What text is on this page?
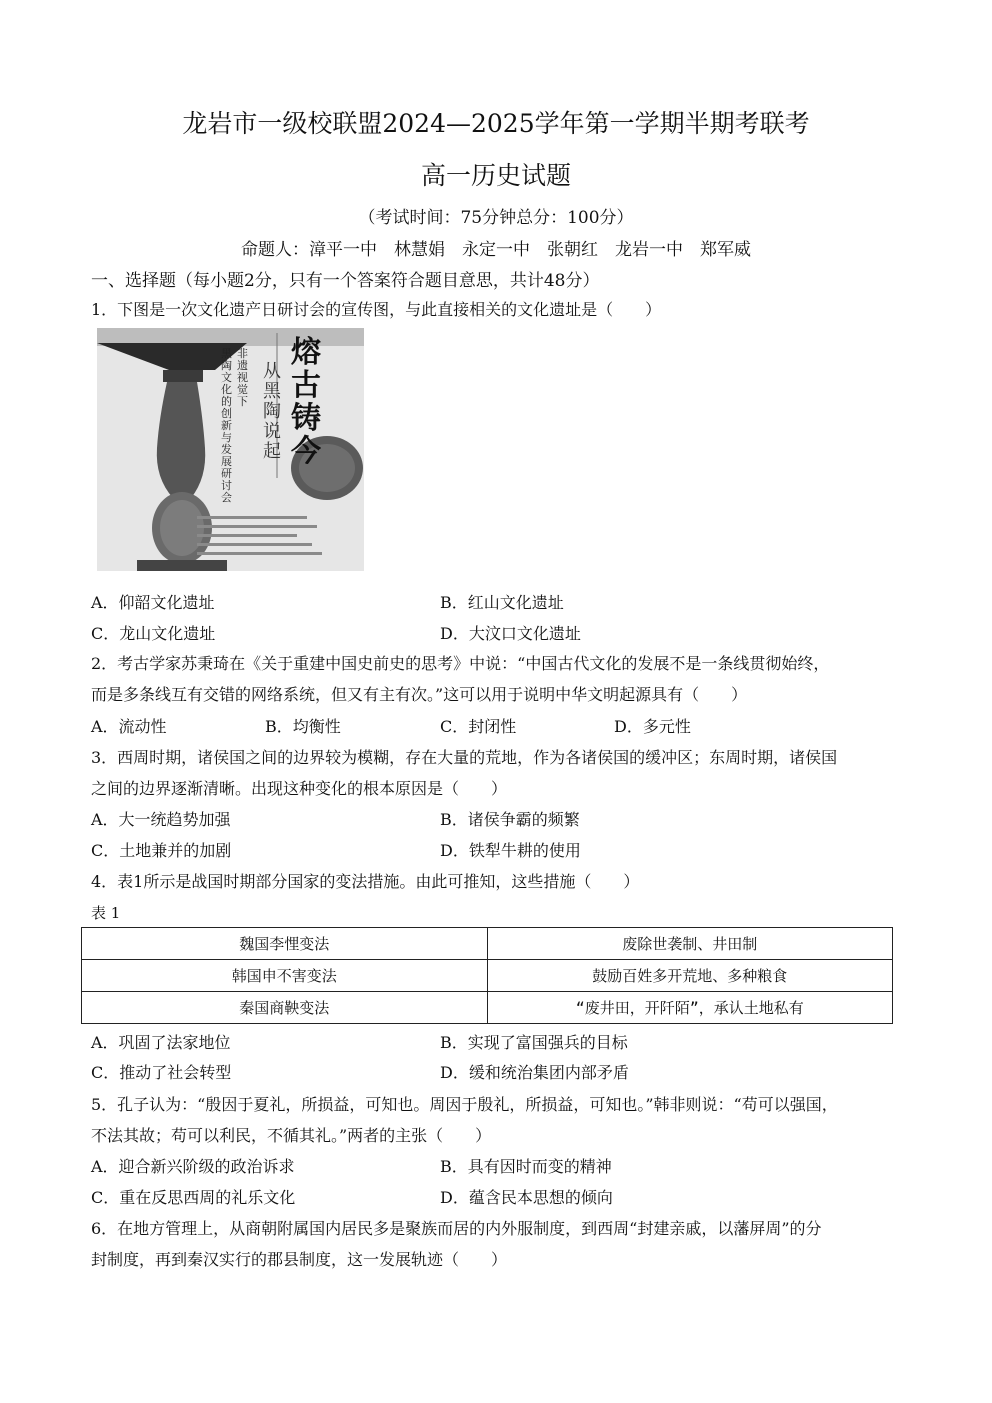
龙岩市一级校联盟2024—2025学年第一学期半期考联考
高一历史试题
（考试时间：75分钟总分：100分）
命题人：漳平一中　林慧娟　永定一中　张朝红　龙岩一中　郑军威
一、选择题（每小题2分，只有一个答案符合题目意思，共计48分）
1．下图是一次文化遗产日研讨会的宣传图，与此直接相关的文化遗址是（　　）
熔古铸今
从黑陶说起
非遗视觉下
黑陶文化的创新与发展研讨会
A．仰韶文化遗址	B．红山文化遗址
C．龙山文化遗址	D．大汶口文化遗址
2．考古学家苏秉琦在《关于重建中国史前史的思考》中说：“中国古代文化的发展不是一条线贯彻始终，
而是多条线互有交错的网络系统，但又有主有次。”这可以用于说明中华文明起源具有（　　）
A．流动性	B．均衡性	C．封闭性	D．多元性
3．西周时期，诸侯国之间的边界较为模糊，存在大量的荒地，作为各诸侯国的缓冲区；东周时期，诸侯国
之间的边界逐渐清晰。出现这种变化的根本原因是（　　）
A．大一统趋势加强	B．诸侯争霸的频繁
C．土地兼并的加剧	D．铁犁牛耕的使用
4．表1所示是战国时期部分国家的变法措施。由此可推知，这些措施（　　）
表 1
魏国李悝变法	废除世袭制、井田制
韩国申不害变法	鼓励百姓多开荒地、多种粮食
秦国商鞅变法	“废井田，开阡陌”，承认土地私有
A．巩固了法家地位	B．实现了富国强兵的目标
C．推动了社会转型	D．缓和统治集团内部矛盾
5．孔子认为：“殷因于夏礼，所损益，可知也。周因于殷礼，所损益，可知也。”韩非则说：“苟可以强国，
不法其故；苟可以利民，不循其礼。”两者的主张（　　）
A．迎合新兴阶级的政治诉求	B．具有因时而变的精神
C．重在反思西周的礼乐文化	D．蕴含民本思想的倾向
6．在地方管理上，从商朝附属国内居民多是聚族而居的内外服制度，到西周“封建亲戚，以藩屏周”的分
封制度，再到秦汉实行的郡县制度，这一发展轨迹（　　）
